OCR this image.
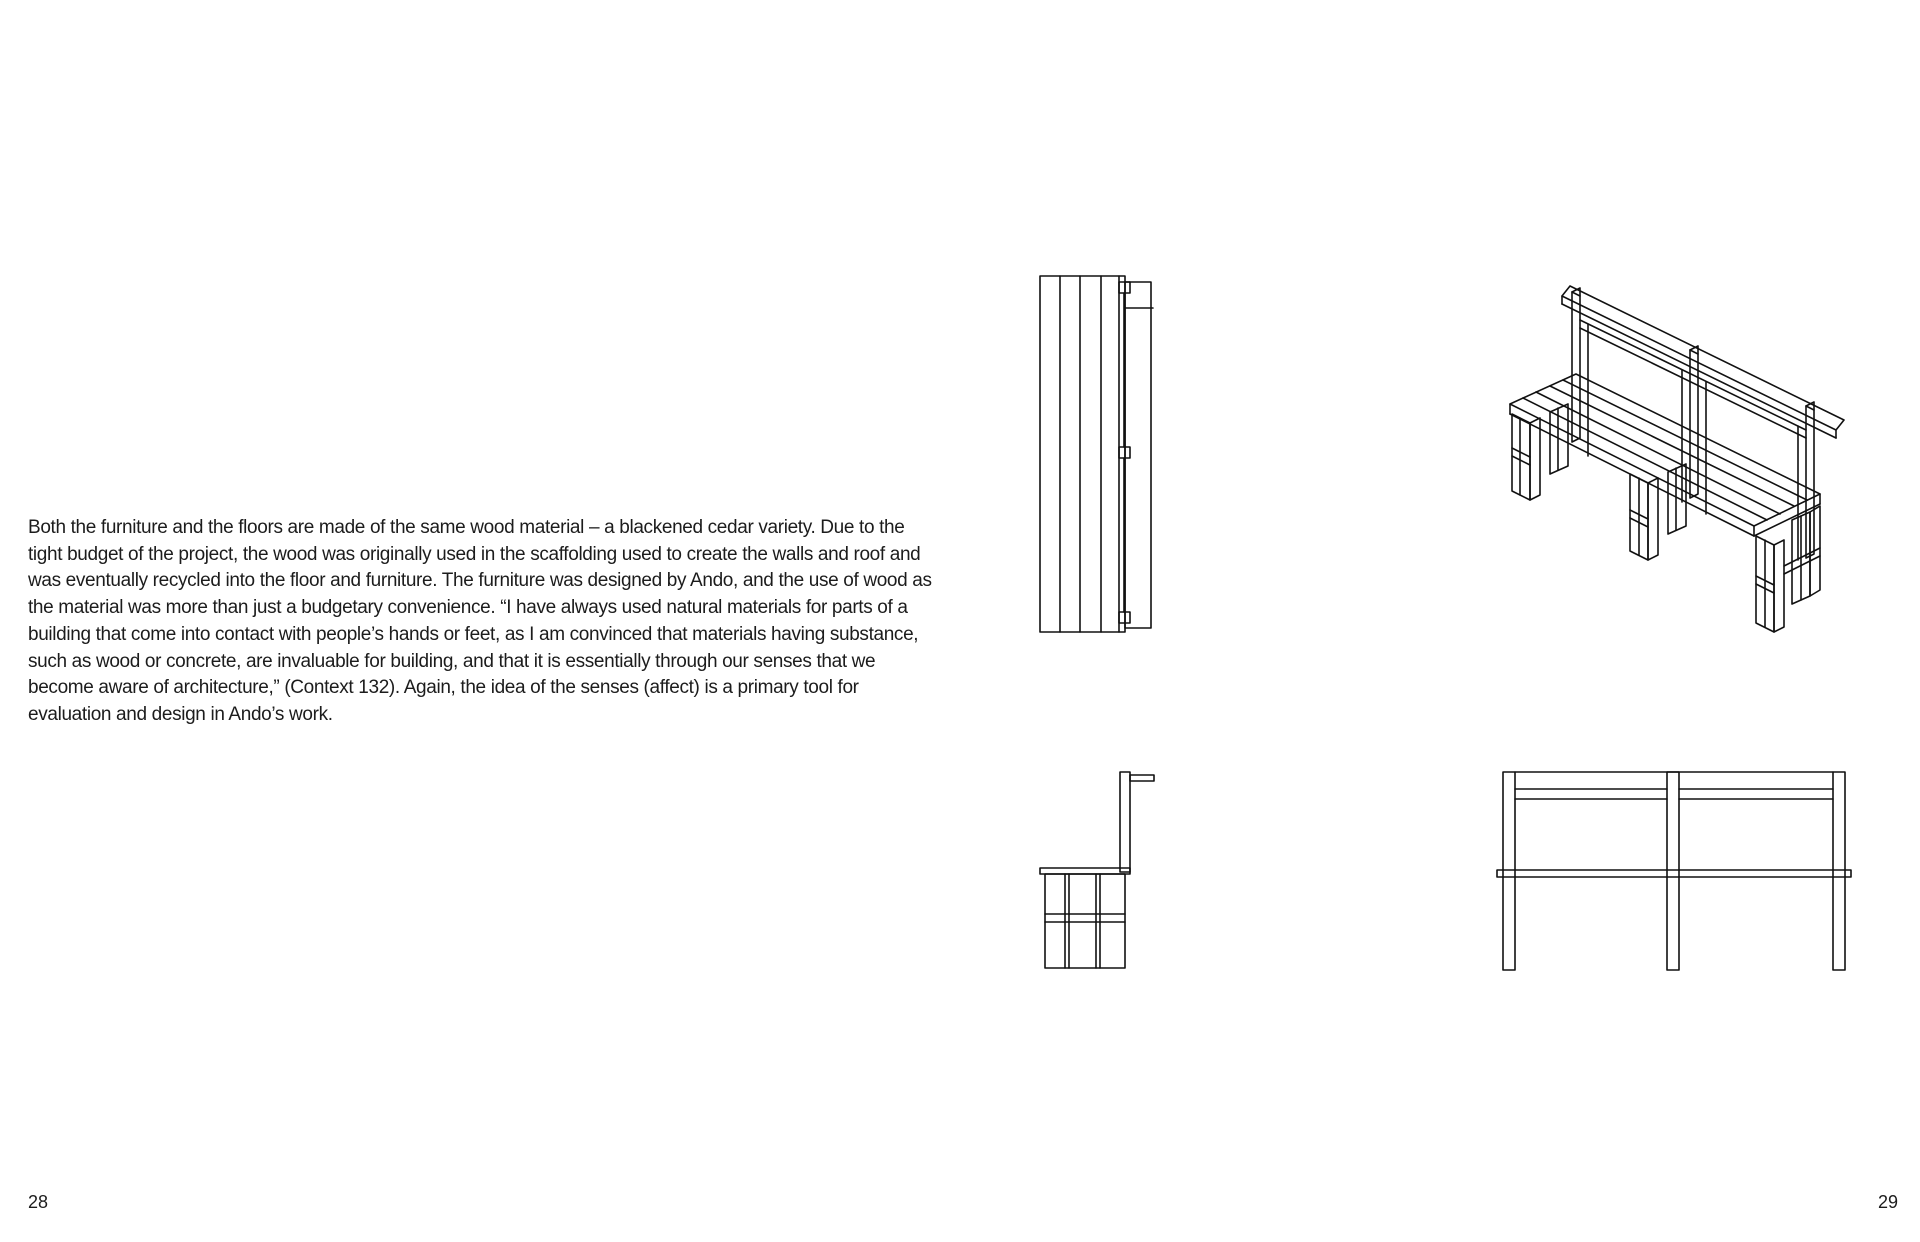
Both the furniture and the floors are made of the same wood material – a blackened cedar variety. Due to the tight budget of the project, the wood was originally used in the scaffolding used to create the walls and roof and was eventually recycled into the floor and furniture. The furniture was designed by Ando, and the use of wood as the material was more than just a budgetary convenience. “I have always used natural materials for parts of a building that come into contact with people’s hands or feet, as I am convinced that materials having substance, such as wood or concrete, are invaluable for building, and that it is essentially through our senses that we become aware of architecture,” (Context 132). Again, the idea of the senses (affect) is a primary tool for evaluation and design in Ando’s work.

28	29
